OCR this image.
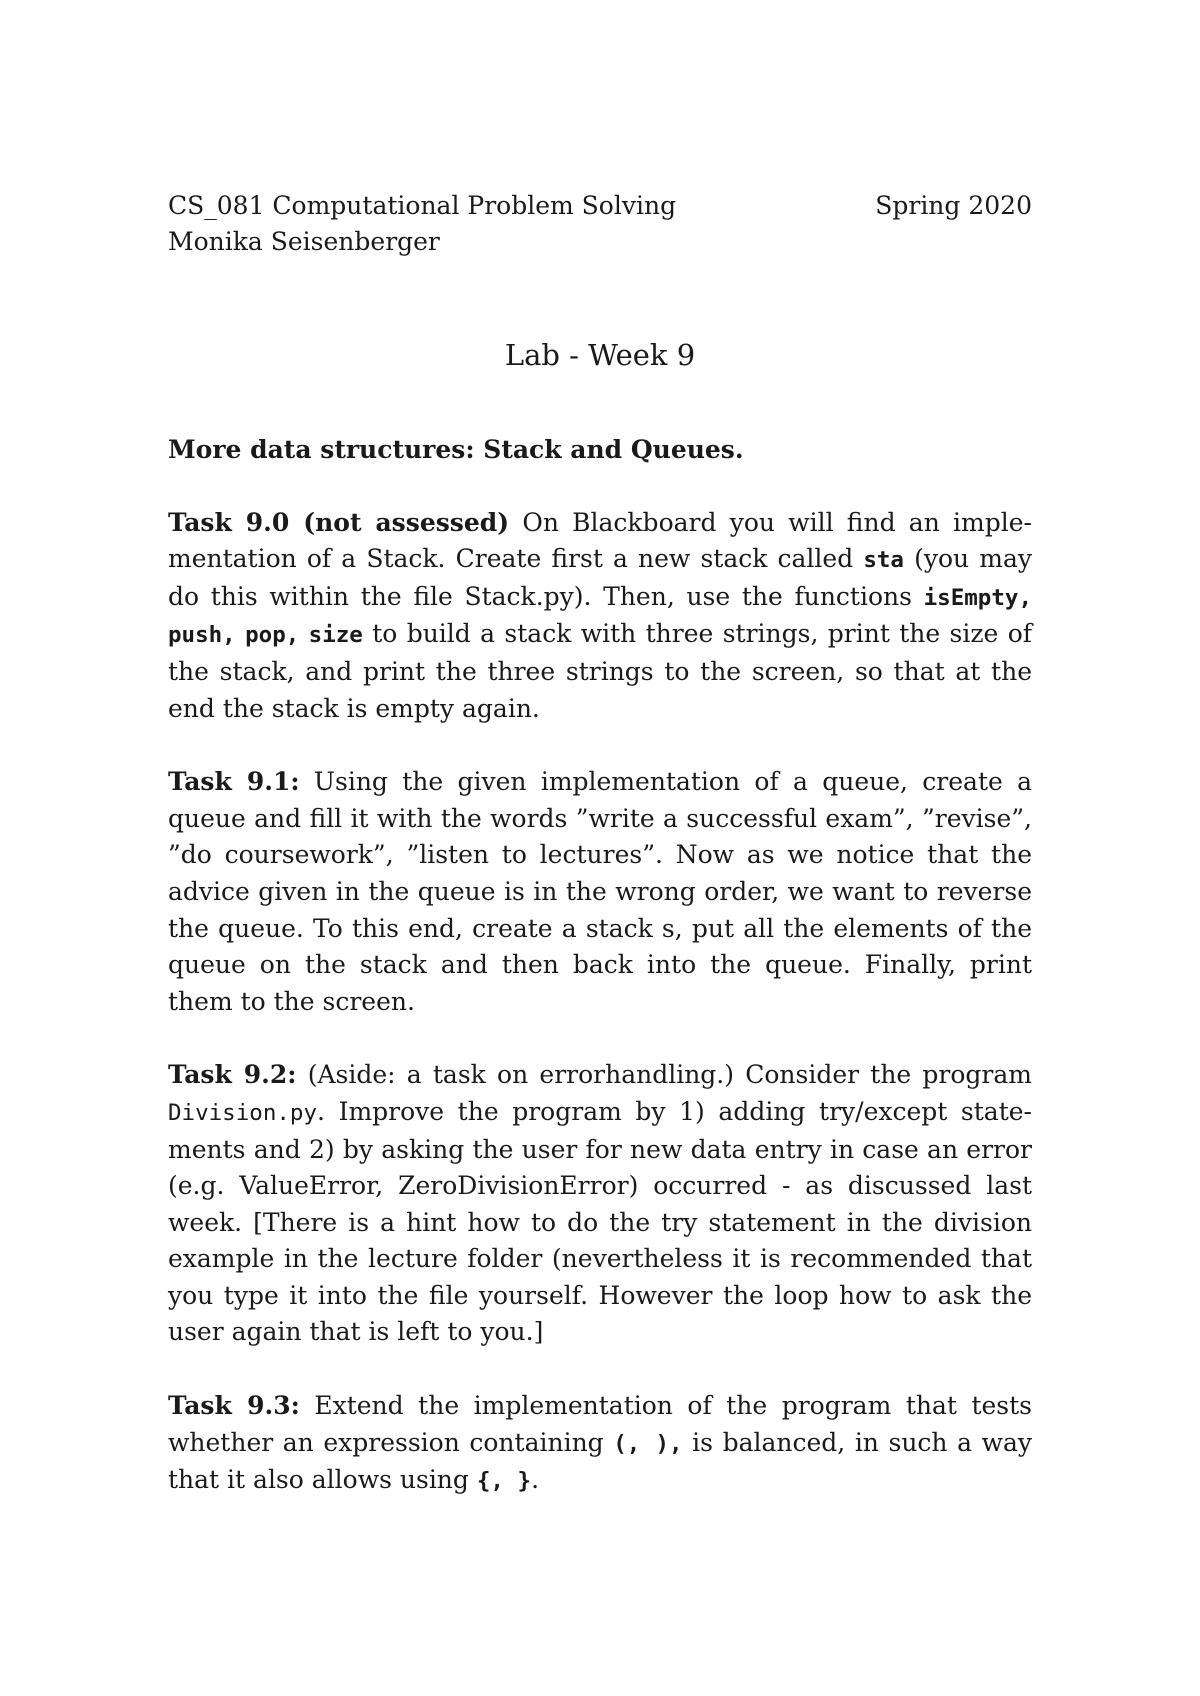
CS_081 Computational Problem Solving	Spring 2020
Monika Seisenberger
Lab - Week 9

More data structures: Stack and Queues.

Task 9.0 (not assessed) On Blackboard you will find an implementation of a Stack. Create first a new stack called sta (you may do this within the file Stack.py). Then, use the functions isEmpty, push, pop, size to build a stack with three strings, print the size of the stack, and print the three strings to the screen, so that at the end the stack is empty again.

Task 9.1: Using the given implementation of a queue, create a queue and fill it with the words ”write a successful exam”, ”revise”, ”do coursework”, ”listen to lectures”. Now as we notice that the advice given in the queue is in the wrong order, we want to reverse the queue. To this end, create a stack s, put all the elements of the queue on the stack and then back into the queue. Finally, print them to the screen.

Task 9.2: (Aside: a task on errorhandling.) Consider the program Division.py. Improve the program by 1) adding try/except statements and 2) by asking the user for new data entry in case an error (e.g. ValueError, ZeroDivisionError) occurred - as discussed last week. [There is a hint how to do the try statement in the division example in the lecture folder (nevertheless it is recommended that you type it into the file yourself. However the loop how to ask the user again that is left to you.]

Task 9.3: Extend the implementation of the program that tests whether an expression containing (, ), is balanced, in such a way that it also allows using {, }.
